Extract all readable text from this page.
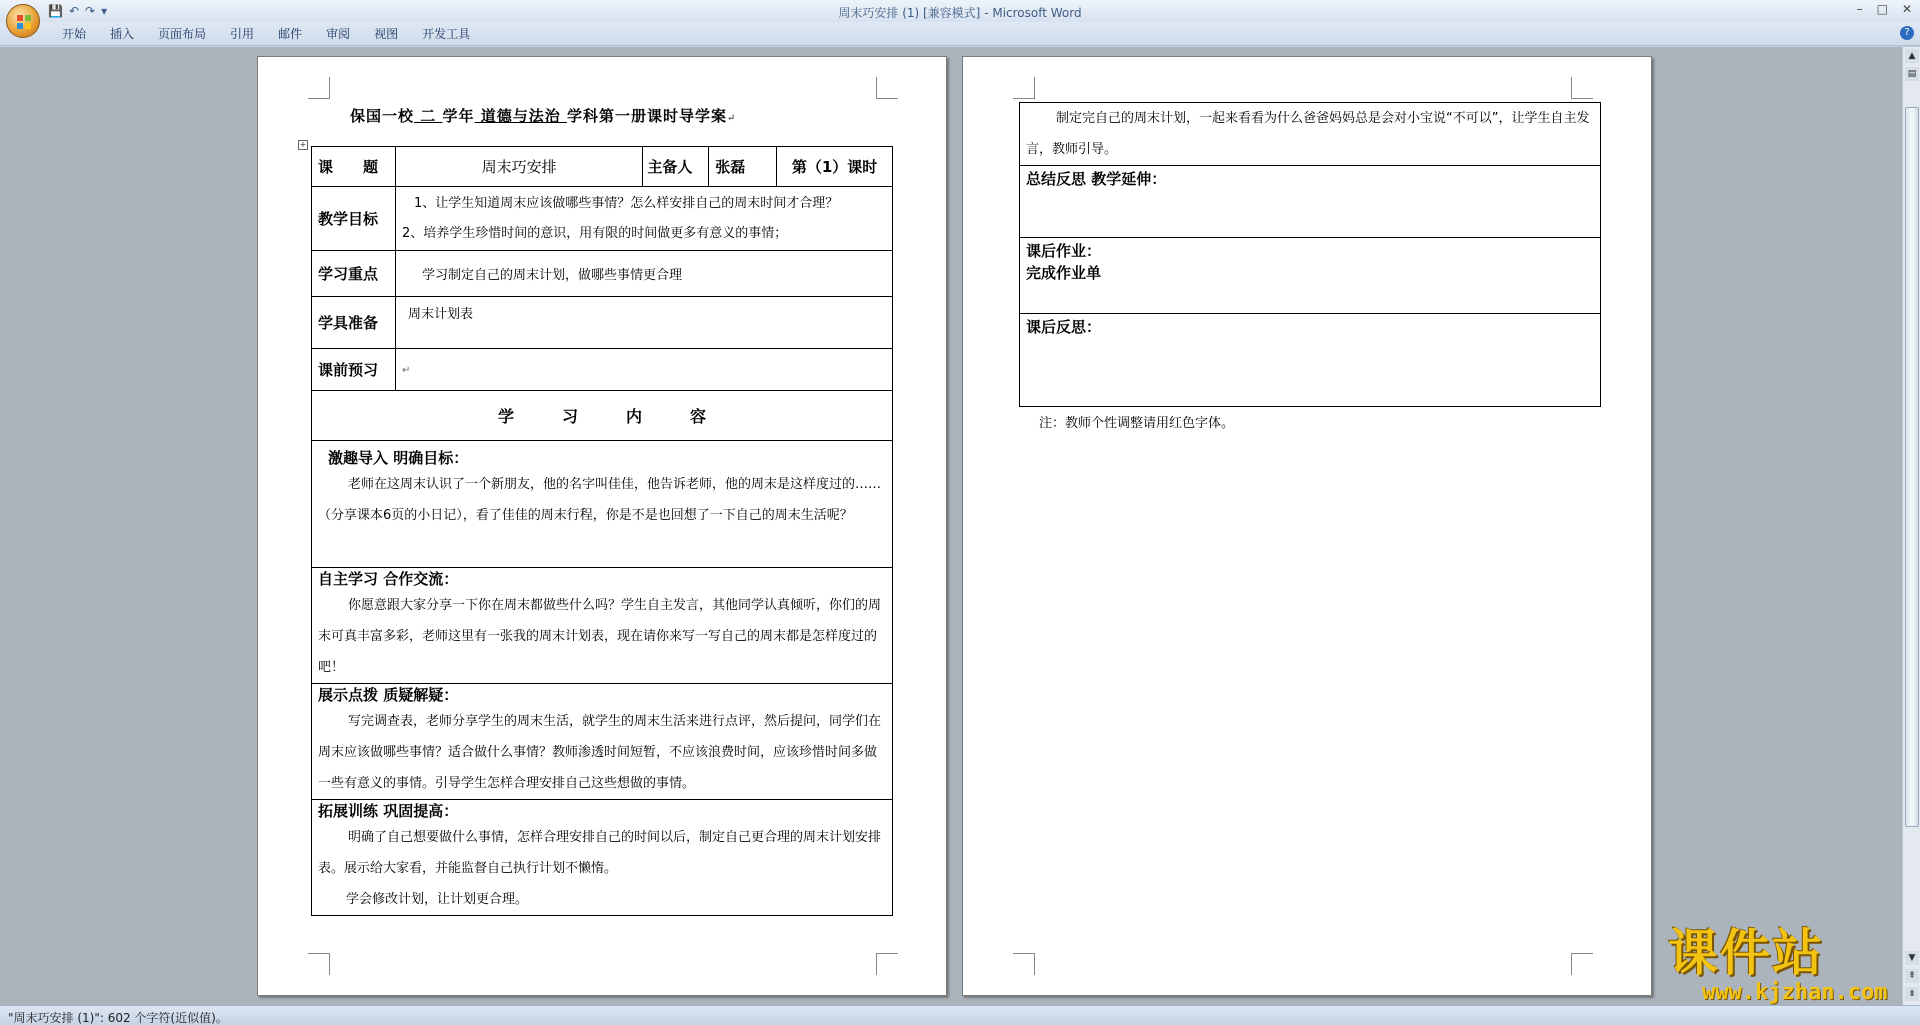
💾 ↶ ↷ ▾	周末巧安排 (1) [兼容模式] - Microsoft Word	– □ ✕
开始	插入	页面布局	引用	邮件	审阅	视图	开发工具	?
保国一校 二 学年 道德与法治 学科第一册课时导学案↵
+
课　　题	周末巧安排	主备人	张磊	第（1）课时
教学目标	1、让学生知道周末应该做哪些事情？怎么样安排自己的周末时间才合理？
2、培养学生珍惜时间的意识，用有限的时间做更多有意义的事情；			

学习重点	学习制定自己的周末计划，做哪些事情更合理			
学具准备	周末计划表			
课前预习	↵			
学　　　习　　　内　　　容				

激趣导入 明确目标：
老师在这周末认识了一个新朋友，他的名字叫佳佳，他告诉老师，他的周末是这样度过的……（分享课本6页的小日记），看了佳佳的周末行程，你是不是也回想了一下自己的周末生活呢？				

自主学习 合作交流：
你愿意跟大家分享一下你在周末都做些什么吗？学生自主发言，其他同学认真倾听，你们的周末可真丰富多彩，老师这里有一张我的周末计划表，现在请你来写一写自己的周末都是怎样度过的吧！				

展示点拨 质疑解疑：
写完调查表，老师分享学生的周末生活，就学生的周末生活来进行点评，然后提问，同学们在周末应该做哪些事情？适合做什么事情？教师渗透时间短暂，不应该浪费时间，应该珍惜时间多做一些有意义的事情。引导学生怎样合理安排自己这些想做的事情。				

拓展训练 巩固提高：
明确了自己想要做什么事情，怎样合理安排自己的时间以后，制定自己更合理的周末计划安排表。展示给大家看，并能监督自己执行计划不懒惰。
学会修改计划，让计划更合理。				
制定完自己的周末计划，一起来看看为什么爸爸妈妈总是会对小宝说“不可以”，让学生自主发言，教师引导。

总结反思 教学延伸：

课后作业：
完成作业单

课后反思：
注：教师个性调整请用红色字体。
▲
▤
▼
⇞
⇟
"周末巧安排 (1)": 602 个字符(近似值)。
课件站
www.kjzhan.com
